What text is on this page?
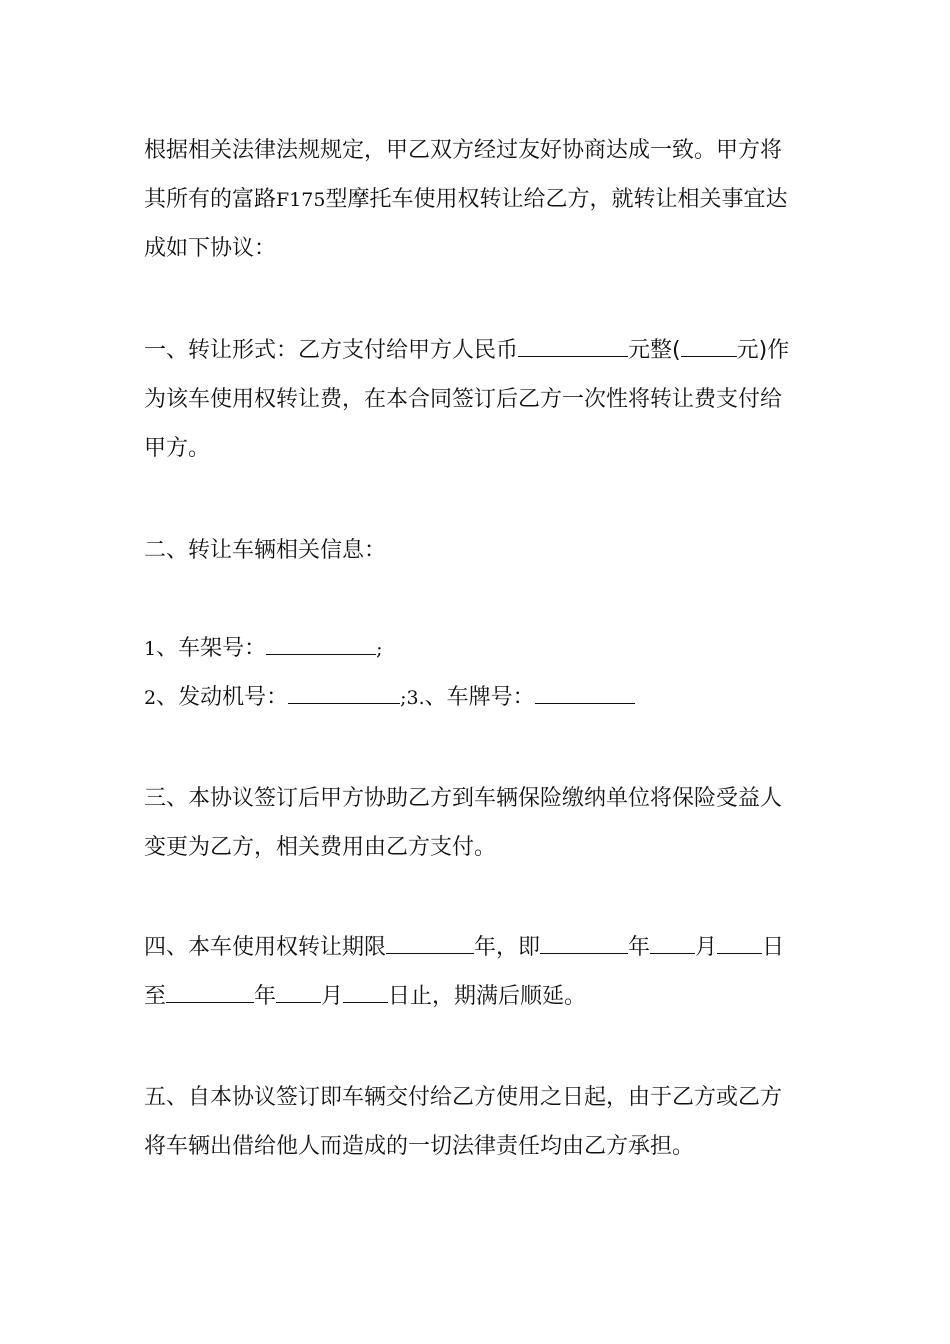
根据相关法律法规规定，甲乙双方经过友好协商达成一致。甲方将
其所有的富路F175型摩托车使用权转让给乙方，就转让相关事宜达
成如下协议：
一、转让形式：乙方支付给甲方人民币	元整(	元)作
为该车使用权转让费，在本合同签订后乙方一次性将转让费支付给
甲方。
二、转让车辆相关信息：
1、车架号：	;
2、发动机号：	;3.、车牌号：
三、本协议签订后甲方协助乙方到车辆保险缴纳单位将保险受益人
变更为乙方，相关费用由乙方支付。
四、本车使用权转让期限	年，即	年 月 日
至	年 月 日止，期满后顺延。
五、自本协议签订即车辆交付给乙方使用之日起，由于乙方或乙方
将车辆出借给他人而造成的一切法律责任均由乙方承担。
